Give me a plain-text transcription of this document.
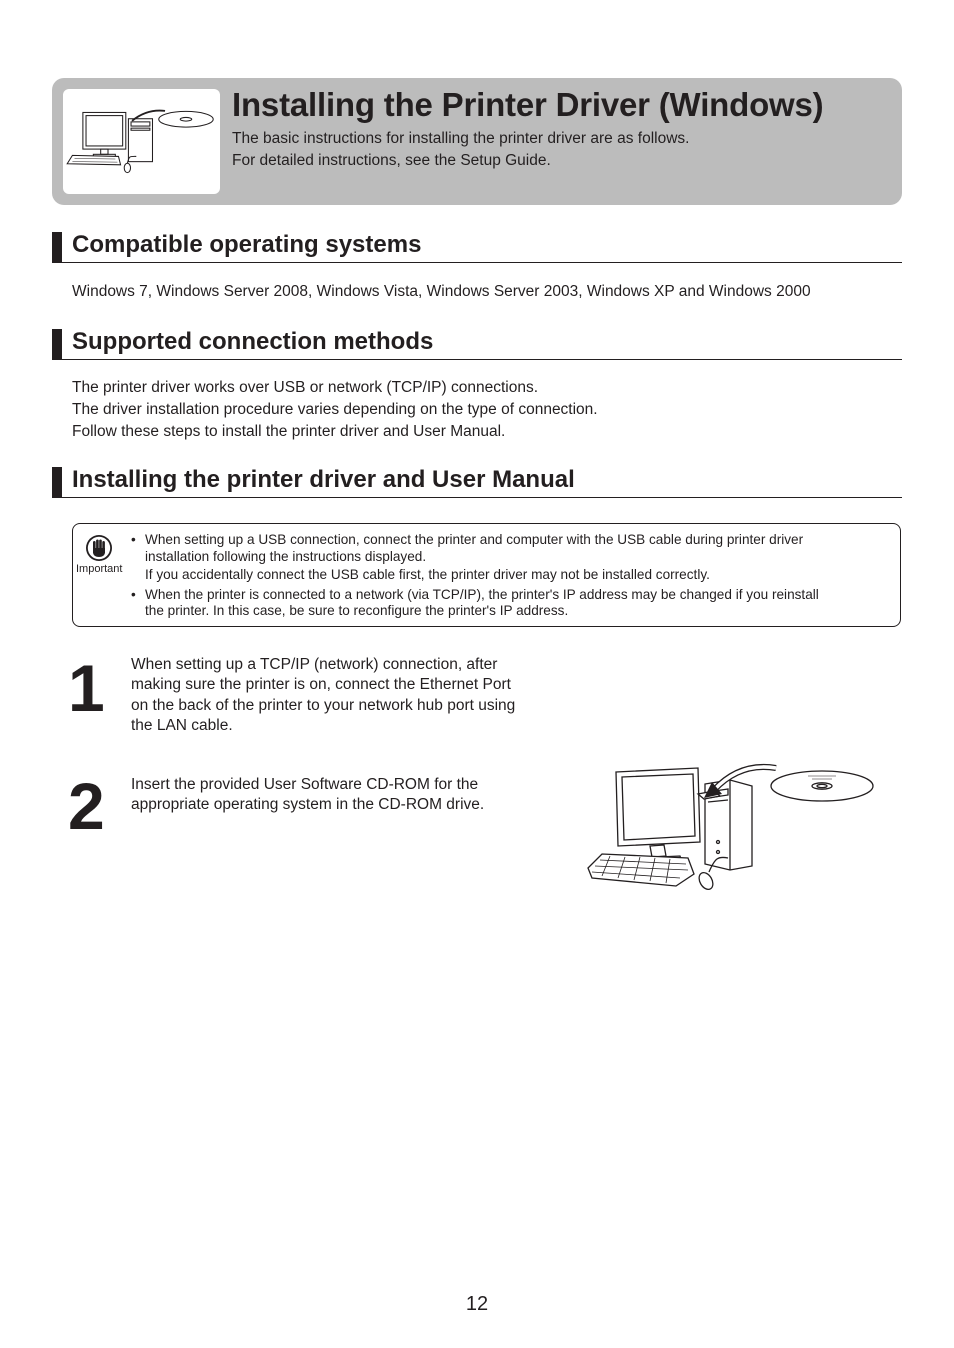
Installing the Printer Driver (Windows)
The basic instructions for installing the printer driver are as follows.
For detailed instructions, see the Setup Guide.
Compatible operating systems
Windows 7, Windows Server 2008, Windows Vista, Windows Server 2003, Windows XP and Windows 2000
Supported connection methods
The printer driver works over USB or network (TCP/IP) connections.
The driver installation procedure varies depending on the type of connection.
Follow these steps to install the printer driver and User Manual.
Installing the printer driver and User Manual
Important
• When setting up a USB connection, connect the printer and computer with the USB cable during printer driver
installation following the instructions displayed.
If you accidentally connect the USB cable first, the printer driver may not be installed correctly.
• When the printer is connected to a network (via TCP/IP), the printer's IP address may be changed if you reinstall
the printer. In this case, be sure to reconfigure the printer's IP address.
1 When setting up a TCP/IP (network) connection, after
making sure the printer is on, connect the Ethernet Port
on the back of the printer to your network hub port using
the LAN cable.
2 Insert the provided User Software CD-ROM for the
appropriate operating system in the CD-ROM drive.
12
